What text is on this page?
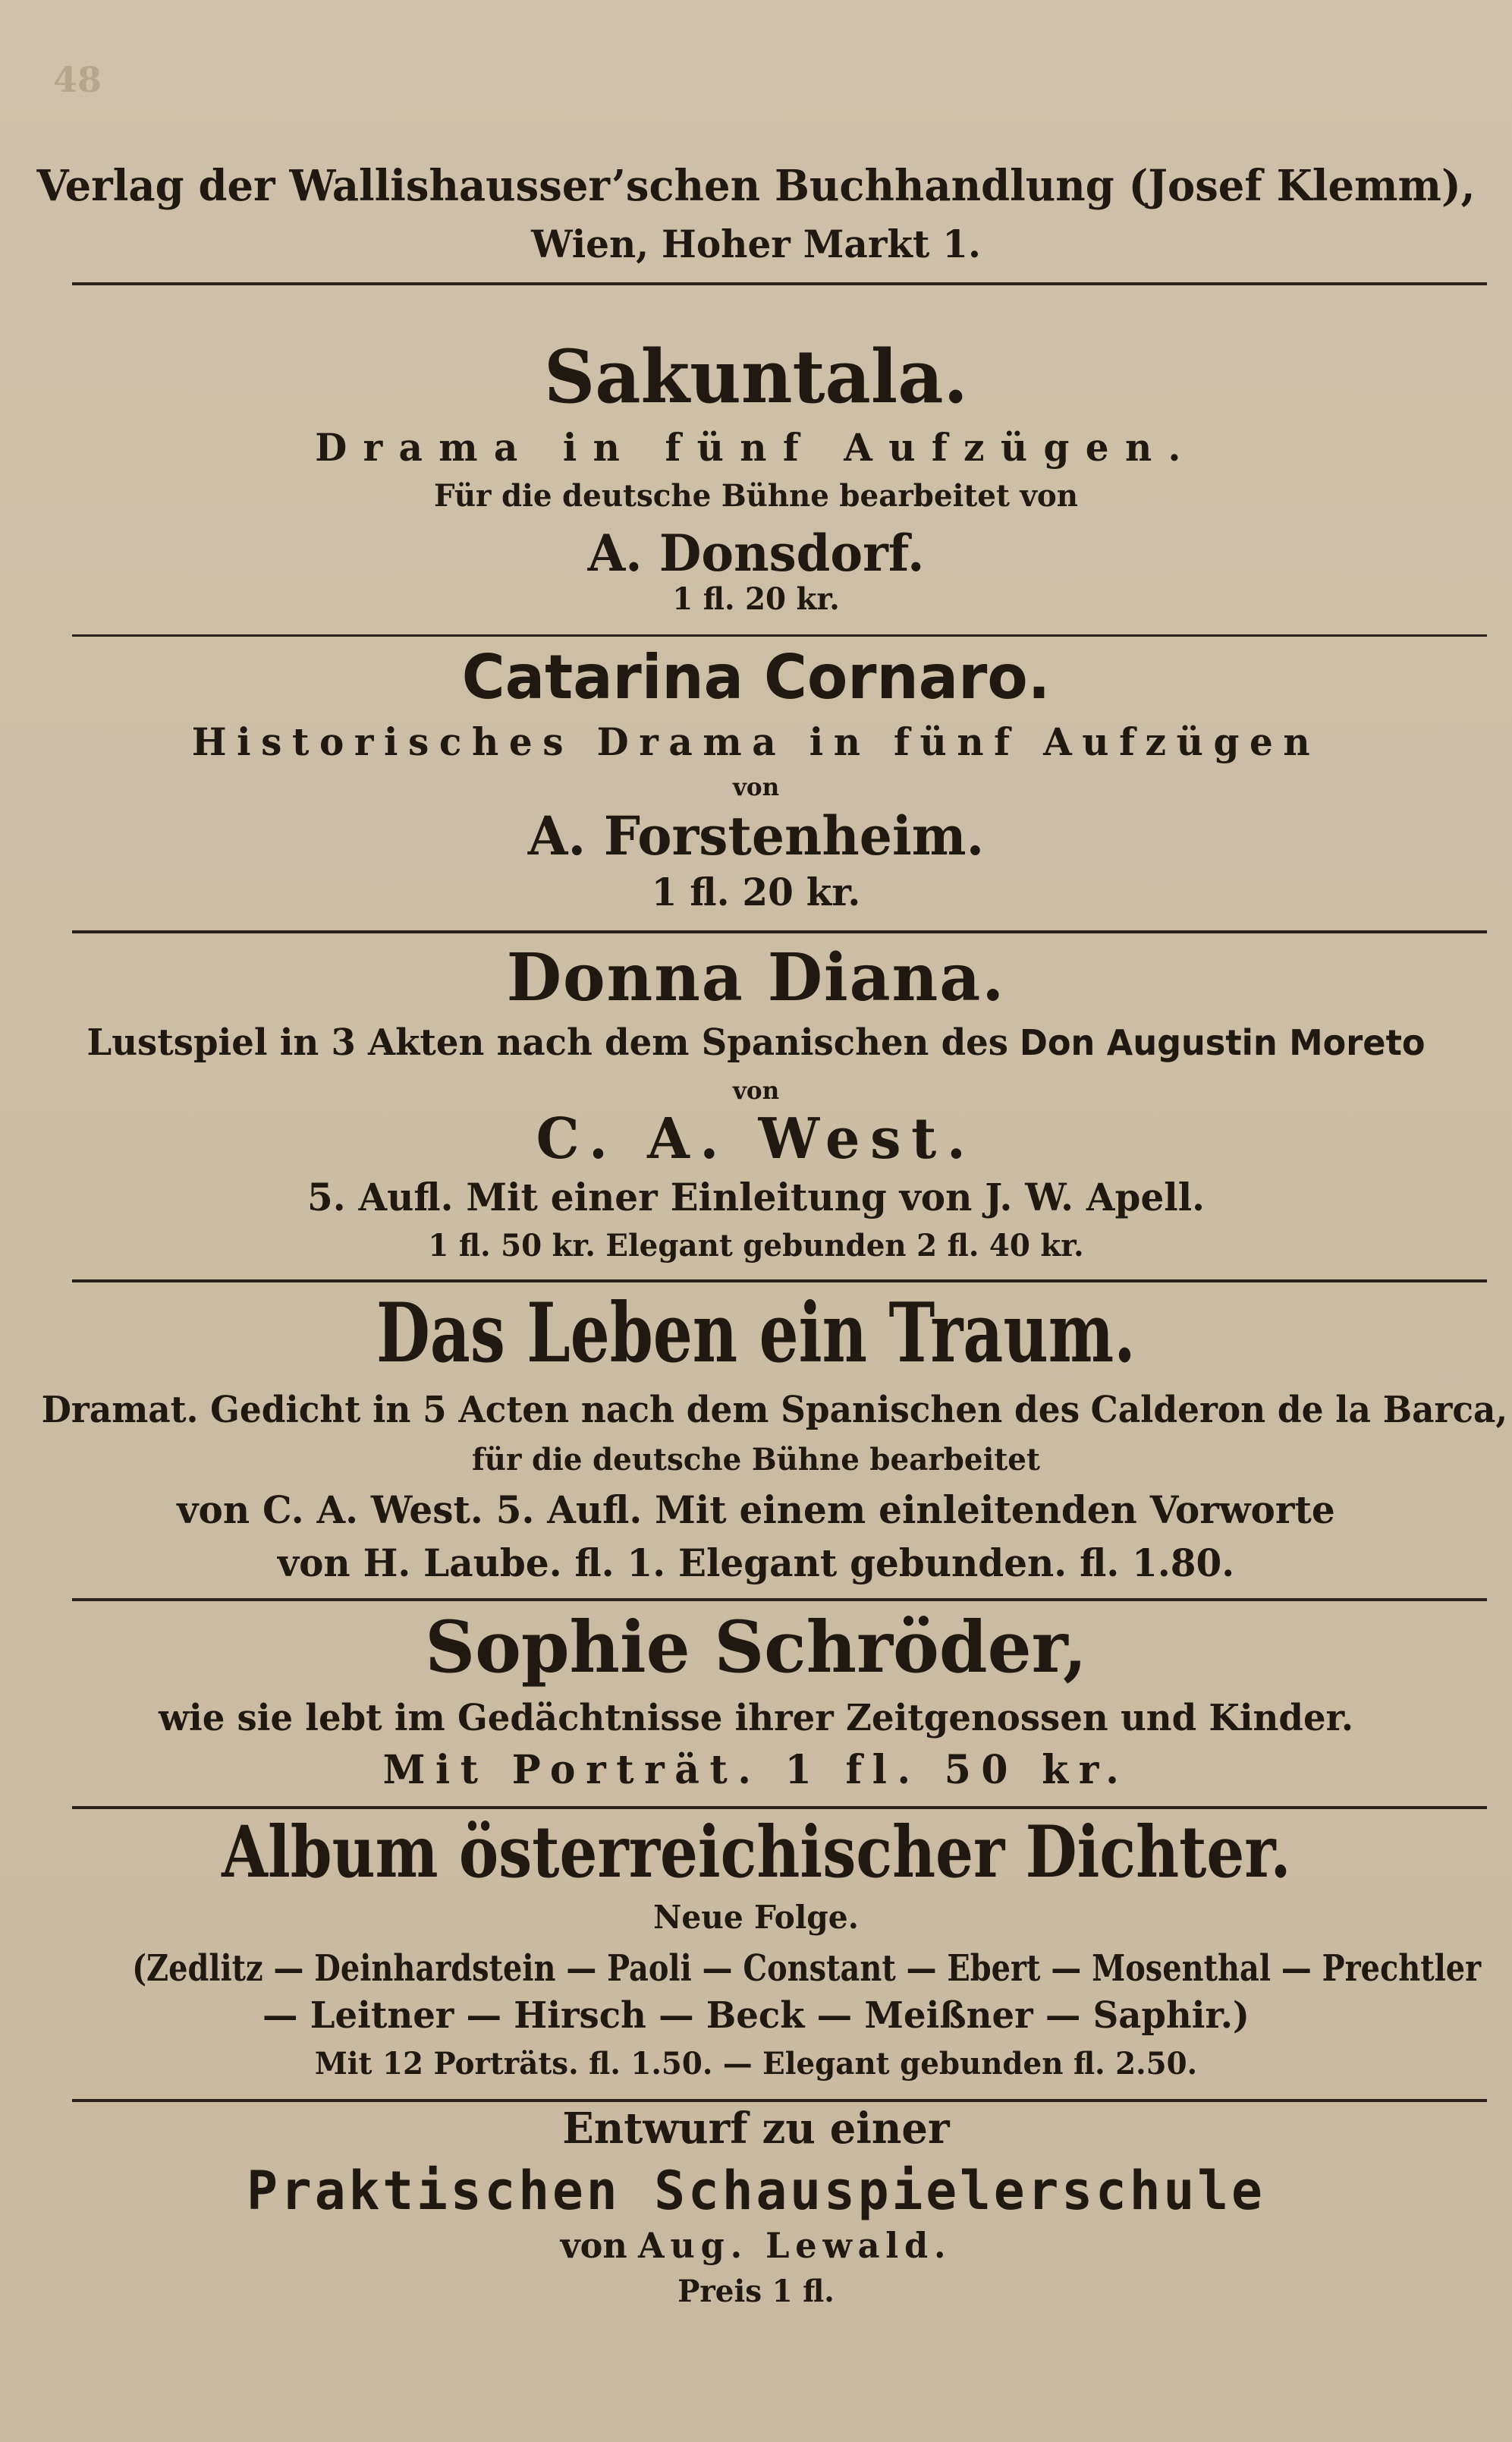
48
Verlag der Wallishausser’schen Buchhandlung (Josef Klemm),
Wien, Hoher Markt 1.
Sakuntala.
Drama in fünf Aufzügen.
Für die deutsche Bühne bearbeitet von
A. Donsdorf.
1 fl. 20 kr.
Catarina Cornaro.
Historisches Drama in fünf Aufzügen
von
A. Forstenheim.
1 fl. 20 kr.
Donna Diana.
Lustspiel in 3 Akten nach dem Spanischen des Don Augustin Moreto
von
C. A. West.
5. Aufl. Mit einer Einleitung von J. W. Apell.
1 fl. 50 kr. Elegant gebunden 2 fl. 40 kr.
Das Leben ein Traum.
Dramat. Gedicht in 5 Acten nach dem Spanischen des Calderon de la Barca,
für die deutsche Bühne bearbeitet
von C. A. West. 5. Aufl. Mit einem einleitenden Vorworte
von H. Laube. fl. 1. Elegant gebunden. fl. 1.80.
Sophie Schröder,
wie sie lebt im Gedächtnisse ihrer Zeitgenossen und Kinder.
Mit Porträt. 1 fl. 50 kr.
Album österreichischer Dichter.
Neue Folge.
(Zedlitz — Deinhardstein — Paoli — Constant — Ebert — Mosenthal — Prechtler
— Leitner — Hirsch — Beck — Meißner — Saphir.)
Mit 12 Porträts. fl. 1.50. — Elegant gebunden fl. 2.50.
Entwurf zu einer
Praktischen Schauspielerschule
von Aug. Lewald.
Preis 1 fl.
